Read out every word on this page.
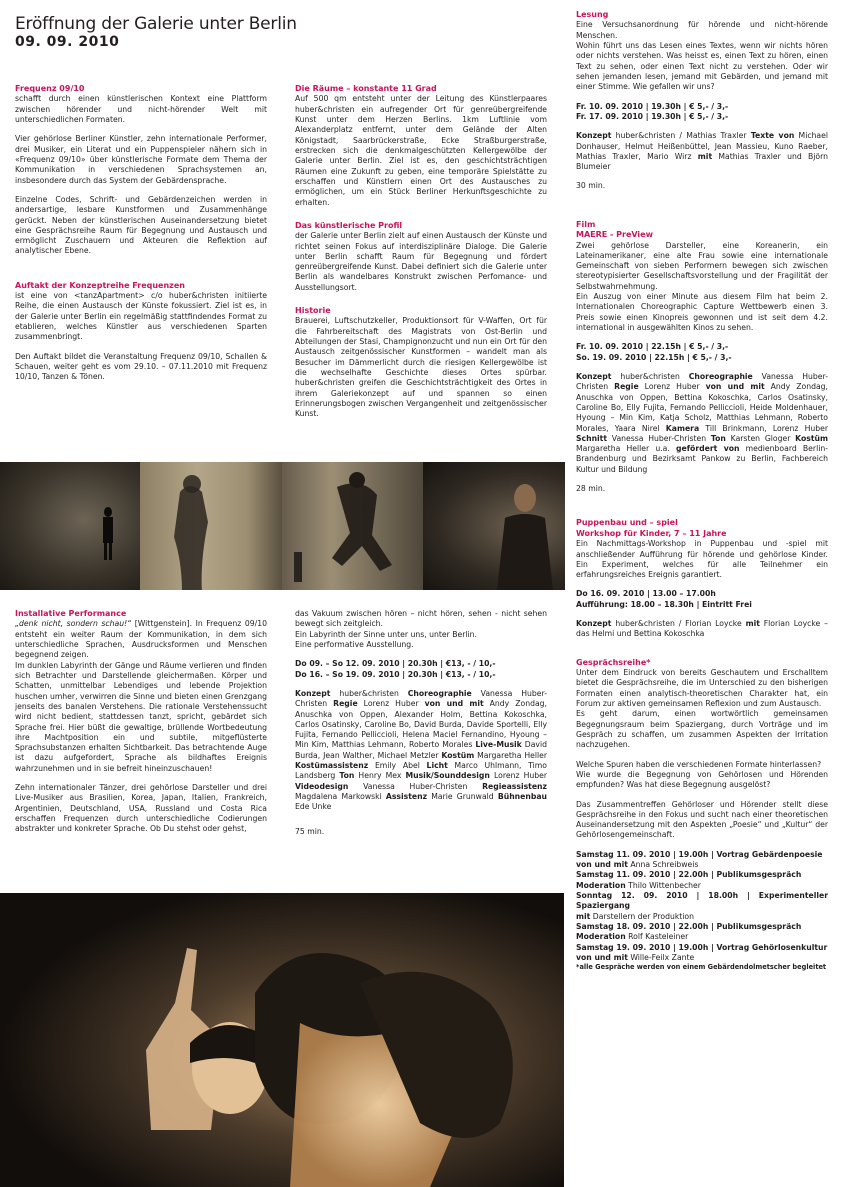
Eröffnung der Galerie unter Berlin
09. 09. 2010
Frequenz 09/10

schafft durch einen künstlerischen Kontext eine Plattform zwischen hörender und nicht-hörender Welt mit unterschiedlichen Formaten.

Vier gehörlose Berliner Künstler, zehn internationale Performer, drei Musiker, ein Literat und ein Puppenspieler nähern sich in «Frequenz 09/10» über künstlerische Formate dem Thema der Kommunikation in verschiedenen Sprachsystemen an, insbesondere durch das System der Gebärdensprache.

Einzelne Codes, Schrift- und Gebärdenzeichen werden in andersartige, lesbare Kunstformen und Zusammenhänge gerückt. Neben der künstlerischen Auseinandersetzung bietet eine Gesprächsreihe Raum für Begegnung und Austausch und ermöglicht Zuschauern und Akteuren die Reflektion auf analytischer Ebene.

Auftakt der Konzeptreihe Frequenzen

ist eine von <tanzApartment> c/o huber&christen initiierte Reihe, die einen Austausch der Künste fokussiert. Ziel ist es, in der Galerie unter Berlin ein regelmäßig stattfindendes Format zu etablieren, welches Künstler aus verschiedenen Sparten zusammenbringt.

Den Auftakt bildet die Veranstaltung Frequenz 09/10, Schallen & Schauen, weiter geht es vom 29.10. – 07.11.2010 mit Frequenz 10/10, Tanzen & Tönen.

Die Räume – konstante 11 Grad

Auf 500 qm entsteht unter der Leitung des Künstlerpaares huber&christen ein aufregender Ort für genreübergreifende Kunst unter dem Herzen Berlins. 1km Luftlinie vom Alexanderplatz entfernt, unter dem Gelände der Alten Königstadt, Saarbrückerstraße, Ecke Straßburgerstraße, erstrecken sich die denkmalgeschützten Kellergewölbe der Galerie unter Berlin. Ziel ist es, den geschichtsträchtigen Räumen eine Zukunft zu geben, eine temporäre Spielstätte zu erschaffen und Künstlern einen Ort des Austausches zu ermöglichen, um ein Stück Berliner Herkunftsgeschichte zu erhalten.

Das künstlerische Profil

der Galerie unter Berlin zielt auf einen Austausch der Künste und richtet seinen Fokus auf interdisziplinäre Dialoge. Die Galerie unter Berlin schafft Raum für Begegnung und fördert genreübergreifende Kunst. Dabei definiert sich die Galerie unter Berlin als wandelbares Konstrukt zwischen Perfomance- und Ausstellungsort.

Historie

Brauerei, Luftschutzkeller, Produktionsort für V-Waffen, Ort für die Fahrbereitschaft des Magistrats von Ost-Berlin und Abteilungen der Stasi, Champignonzucht und nun ein Ort für den Austausch zeitgenössischer Kunstformen – wandelt man als Besucher im Dämmerlicht durch die riesigen Kellergewölbe ist die wechselhafte Geschichte dieses Ortes spürbar. huber&christen greifen die Geschichtsträchtigkeit des Ortes in ihrem Galeriekonzept auf und spannen so einen Erinnerungsbogen zwischen Vergangenheit und zeitgenössischer Kunst.

Lesung

Eine Versuchsanordnung für hörende und nicht-hörende Menschen.

Wohin führt uns das Lesen eines Textes, wenn wir nichts hören oder nichts verstehen. Was heisst es, einen Text zu hören, einen Text zu sehen, oder einen Text nicht zu verstehen. Oder wir sehen jemanden lesen, jemand mit Gebärden, und jemand mit einer Stimme. Wie gefallen wir uns?

Fr. 10. 09. 2010 | 19.30h | € 5,- / 3,-

Fr. 17. 09. 2010 | 19.30h | € 5,- / 3,-

Konzept huber&christen / Mathias Traxler Texte von Michael Donhauser, Helmut Heißenbüttel, Jean Massieu, Kuno Raeber, Mathias Traxler, Mario Wirz mit Mathias Traxler und Björn Blumeier

30 min.

Film
MAERE - PreView

Zwei gehörlose Darsteller, eine Koreanerin, ein Lateinamerikaner, eine alte Frau sowie eine internationale Gemeinschaft von sieben Performern bewegen sich zwischen stereotypisierter Gesellschaftsvorstellung und der Fragilität der Selbstwahrnehmung.

Ein Auszug von einer Minute aus diesem Film hat beim 2. Internationalen Choreographic Capture Wettbewerb einen 3. Preis sowie einen Kinopreis gewonnen und ist seit dem 4.2. international in ausgewählten Kinos zu sehen.

Fr. 10. 09. 2010 | 22.15h | € 5,- / 3,-

So. 19. 09. 2010 | 22.15h | € 5,- / 3,-

Konzept huber&christen Choreographie Vanessa Huber-Christen Regie Lorenz Huber von und mit Andy Zondag, Anuschka von Oppen, Bettina Kokoschka, Carlos Osatinsky, Caroline Bo, Elly Fujita, Fernando Pelliccioli, Heide Moldenhauer, Hyoung – Min Kim, Katja Scholz, Matthias Lehmann, Roberto Morales, Yaara Nirel Kamera Till Brinkmann, Lorenz Huber Schnitt Vanessa Huber-Christen Ton Karsten Gloger Kostüm Margaretha Heller u.a. gefördert von medienboard Berlin-Brandenburg und Bezirksamt Pankow zu Berlin, Fachbereich Kultur und Bildung

28 min.

Puppenbau und – spiel
Workshop für Kinder, 7 – 11 Jahre

Ein Nachmittags-Workshop in Puppenbau und -spiel mit anschließender Aufführung für hörende und gehörlose Kinder. Ein Experiment, welches für alle Teilnehmer ein erfahrungsreiches Ereignis garantiert.

Do 16. 09. 2010 | 13.00 – 17.00h

Aufführung: 18.00 – 18.30h | Eintritt Frei

Konzept huber&christen / Florian Loycke mit Florian Loycke – das Helmi und Bettina Kokoschka

Gesprächsreihe*

Unter dem Eindruck von bereits Geschautem und Erschalltem bietet die Gesprächsreihe, die im Unterschied zu den bisherigen Formaten einen analytisch-theoretischen Charakter hat, ein Forum zur aktiven gemeinsamen Reflexion und zum Austausch.

Es geht darum, einen wortwörtlich gemeinsamen Begegnungsraum beim Spaziergang, durch Vorträge und im Gespräch zu schaffen, um zusammen Aspekten der Irritation nachzugehen.

Welche Spuren haben die verschiedenen Formate hinterlassen?

Wie wurde die Begegnung von Gehörlosen und Hörenden empfunden? Was hat diese Begegnung ausgelöst?

Das Zusammentreffen Gehörloser und Hörender stellt diese Gesprächsreihe in den Fokus und sucht nach einer theoretischen Auseinandersetzung mit den Aspekten „Poesie“ und „Kultur“ der Gehörlosengemeinschaft.

Samstag 11. 09. 2010 | 19.00h | Vortrag Gebärdenpoesie

von und mit Anna Schreibweis

Samstag 11. 09. 2010 | 22.00h | Publikumsgespräch

Moderation Thilo Wittenbecher

Sonntag 12. 09. 2010 | 18.00h | Experimenteller Spaziergang

mit Darstellern der Produktion

Samstag 18. 09. 2010 | 22.00h | Publikumsgespräch

Moderation Rolf Kasteleiner

Samstag 19. 09. 2010 | 19.00h | Vortrag Gehörlosenkultur

von und mit Wille-Feilx Zante

*alle Gespräche werden von einem Gebärdendolmetscher begleitet

Installative Performance

„denk nicht, sondern schau!“ [Wittgenstein]. In Frequenz 09/10 entsteht ein weiter Raum der Kommunikation, in dem sich unterschiedliche Sprachen, Ausdrucksformen und Menschen begegnend zeigen.

Im dunklen Labyrinth der Gänge und Räume verlieren und finden sich Betrachter und Darstellende gleichermaßen. Körper und Schatten, unmittelbar Lebendiges und lebende Projektion huschen umher, verwirren die Sinne und bieten einen Grenzgang jenseits des banalen Verstehens. Die rationale Verstehenssucht wird nicht bedient, stattdessen tanzt, spricht, gebärdet sich Sprache frei. Hier büßt die gewaltige, brüllende Wortbedeutung ihre Machtposition ein und subtile, mitgeflüsterte Sprachsubstanzen erhalten Sichtbarkeit. Das betrachtende Auge ist dazu aufgefordert, Sprache als bildhaftes Ereignis wahrzunehmen und in sie befreit hineinzuschauen!

Zehn internationaler Tänzer, drei gehörlose Darsteller und drei Live-Musiker aus Brasilien, Korea, Japan, Italien, Frankreich, Argentinien, Deutschland, USA, Russland und Costa Rica erschaffen Frequenzen durch unterschiedliche Codierungen abstrakter und konkreter Sprache. Ob Du stehst oder gehst,

das Vakuum zwischen hören – nicht hören, sehen - nicht sehen bewegt sich zeitgleich.

Ein Labyrinth der Sinne unter uns, unter Berlin.

Eine performative Ausstellung.

Do 09. – So 12. 09. 2010 | 20.30h | €13, - / 10,-

Do 16. – So 19. 09. 2010 | 20.30h | €13, - / 10,-

Konzept huber&christen Choreographie Vanessa Huber-Christen Regie Lorenz Huber von und mit Andy Zondag, Anuschka von Oppen, Alexander Holm, Bettina Kokoschka, Carlos Osatinsky, Caroline Bo, David Burda, Davide Sportelli, Elly Fujita, Fernando Pelliccioli, Helena Maciel Fernandino, Hyoung – Min Kim, Matthias Lehmann, Roberto Morales Live-Musik David Burda, Jean Walther, Michael Metzler Kostüm Margaretha Heller Kostümassistenz Emily Abel Licht Marco Uhlmann, Timo Landsberg Ton Henry Mex Musik/Sounddesign Lorenz Huber Videodesign Vanessa Huber-Christen Regieassistenz Magdalena Markowski Assistenz Marie Grunwald Bühnenbau Ede Unke

75 min.
